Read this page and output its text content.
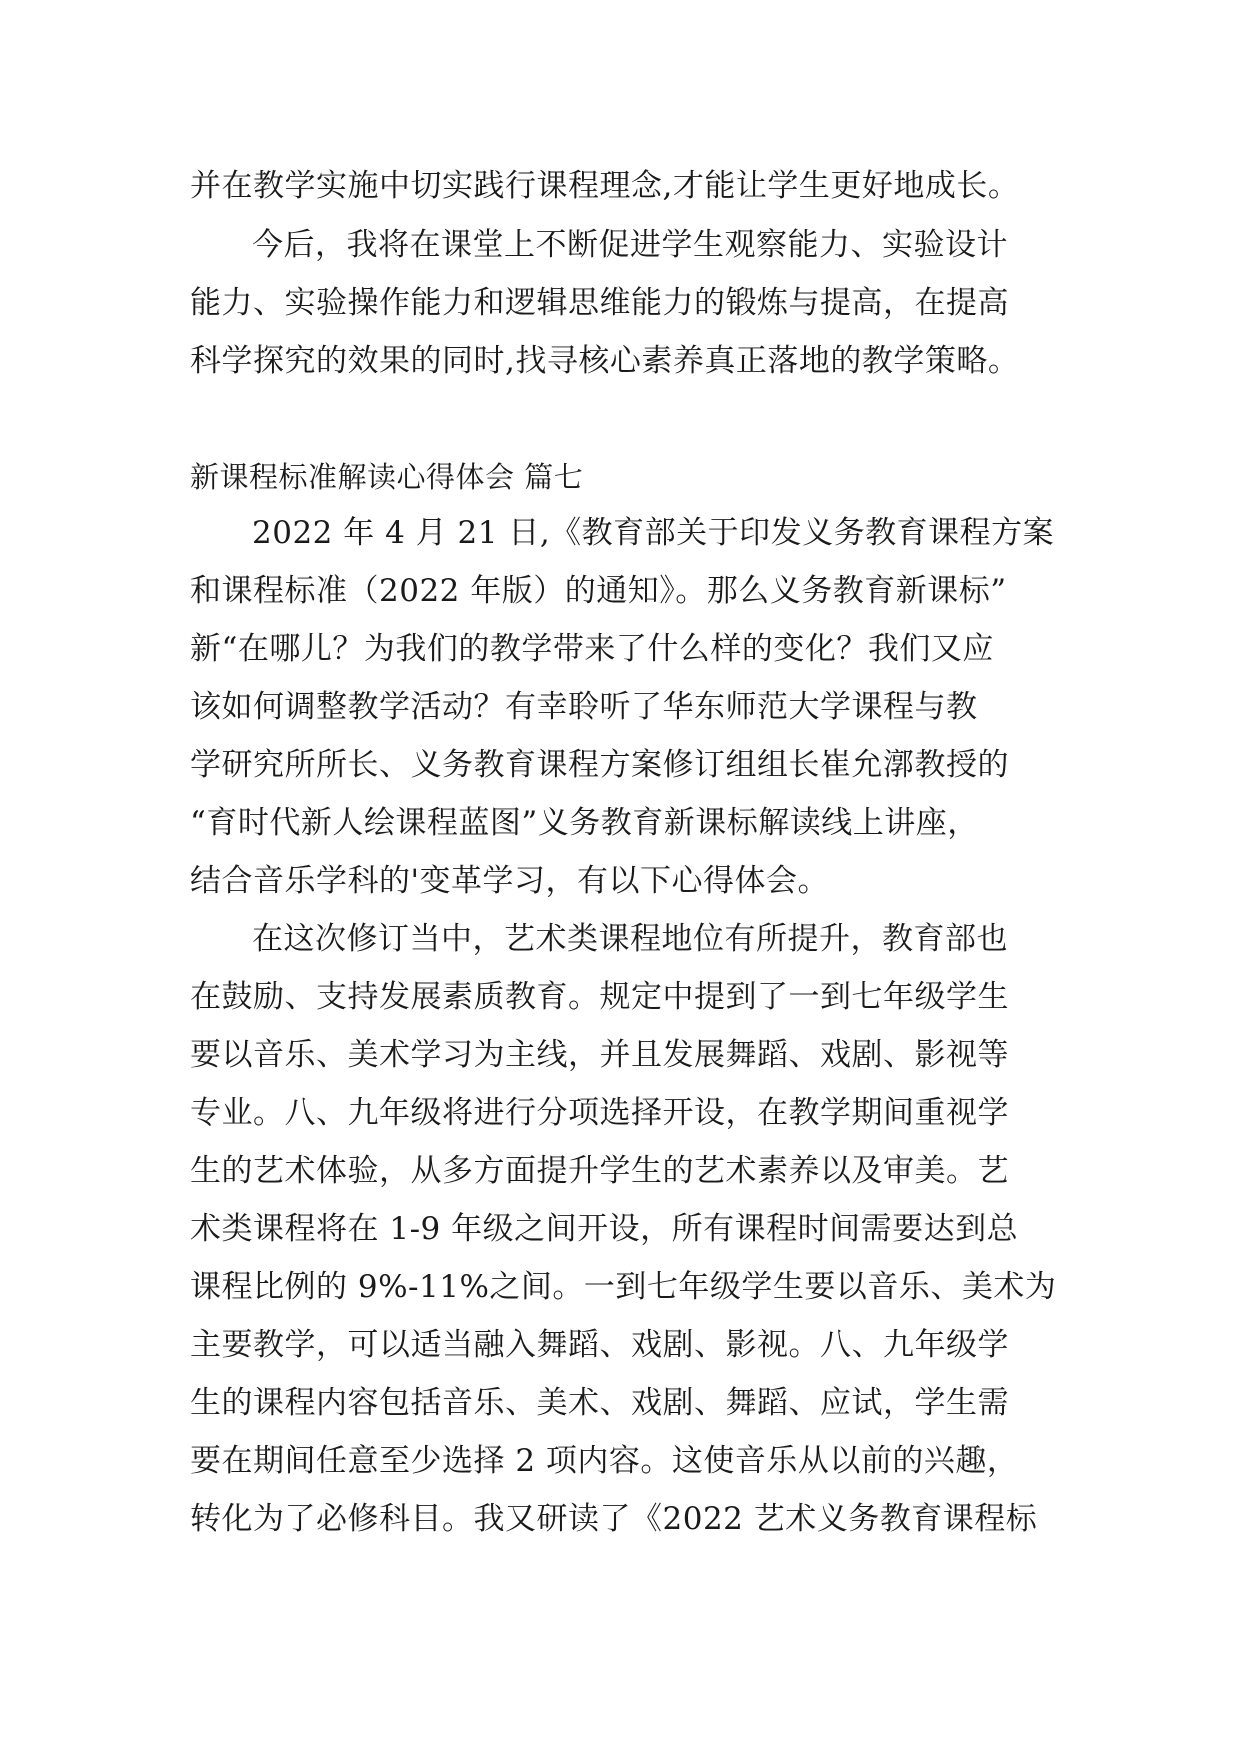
并在教学实施中切实践行课程理念,才能让学生更好地成长。
今后，我将在课堂上不断促进学生观察能力、实验设计
能力、实验操作能力和逻辑思维能力的锻炼与提高，在提高
科学探究的效果的同时,找寻核心素养真正落地的教学策略。
新课程标准解读心得体会 篇七
2022 年 4 月 21 日,《教育部关于印发义务教育课程方案
和课程标准（2022 年版）的通知》。那么义务教育新课标”
新“在哪儿？为我们的教学带来了什么样的变化？我们又应
该如何调整教学活动？有幸聆听了华东师范大学课程与教
学研究所所长、义务教育课程方案修订组组长崔允漷教授的
“育时代新人绘课程蓝图”义务教育新课标解读线上讲座，
结合音乐学科的'变革学习，有以下心得体会。
在这次修订当中，艺术类课程地位有所提升，教育部也
在鼓励、支持发展素质教育。规定中提到了一到七年级学生
要以音乐、美术学习为主线，并且发展舞蹈、戏剧、影视等
专业。八、九年级将进行分项选择开设，在教学期间重视学
生的艺术体验，从多方面提升学生的艺术素养以及审美。艺
术类课程将在 1-9 年级之间开设，所有课程时间需要达到总
课程比例的 9%-11%之间。一到七年级学生要以音乐、美术为
主要教学，可以适当融入舞蹈、戏剧、影视。八、九年级学
生的课程内容包括音乐、美术、戏剧、舞蹈、应试，学生需
要在期间任意至少选择 2 项内容。这使音乐从以前的兴趣，
转化为了必修科目。我又研读了《2022 艺术义务教育课程标
